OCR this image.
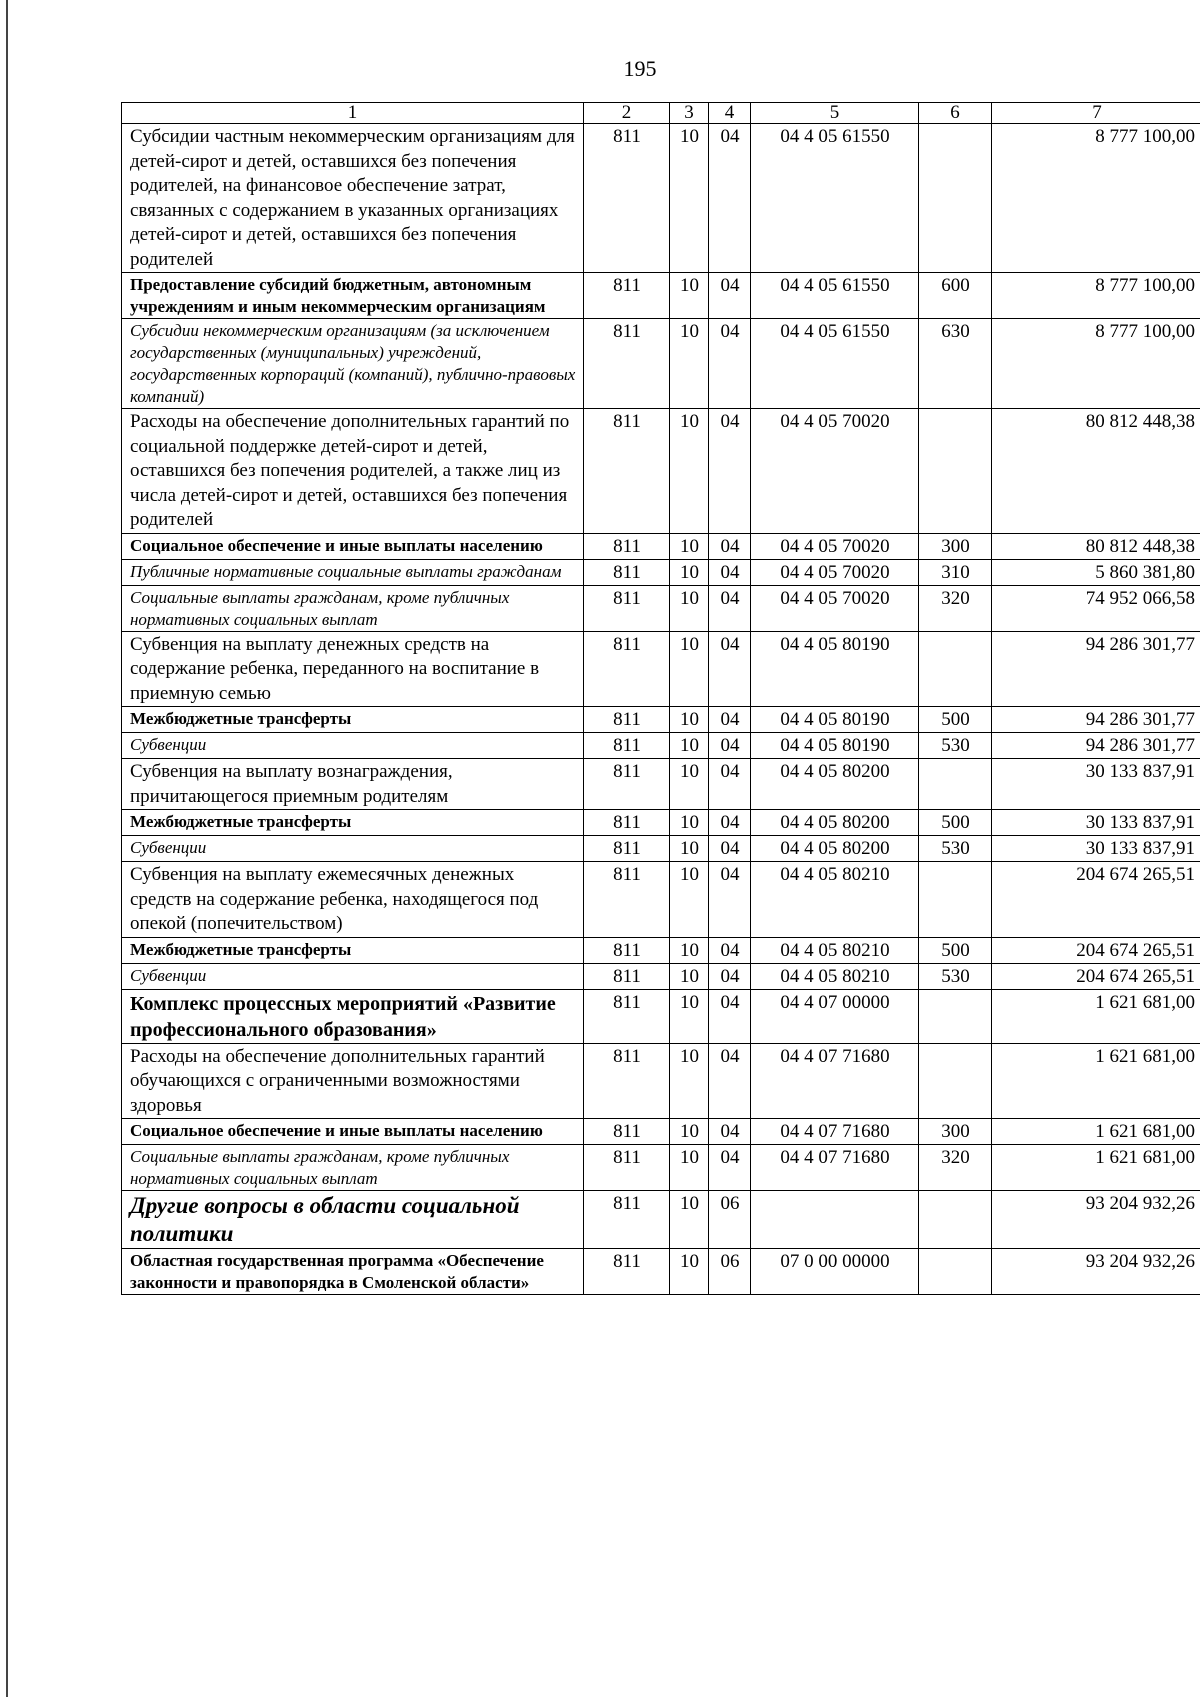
195
1	2	3	4	5	6	7
Субсидии частным некоммерческим организациям для детей-сирот и детей, оставшихся без попечения родителей, на финансовое обеспечение затрат, связанных с содержанием в указанных организациях детей-сирот и детей, оставшихся без попечения родителей	811	10	04	04 4 05 61550		8 777 100,00
Предоставление субсидий бюджетным, автономным учреждениям и иным некоммерческим организациям	811	10	04	04 4 05 61550	600	8 777 100,00
Субсидии некоммерческим организациям (за исключением государственных (муниципальных) учреждений, государственных корпораций (компаний), публично-правовых компаний)	811	10	04	04 4 05 61550	630	8 777 100,00
Расходы на обеспечение дополнительных гарантий по социальной поддержке детей-сирот и детей, оставшихся без попечения родителей, а также лиц из числа детей-сирот и детей, оставшихся без попечения родителей	811	10	04	04 4 05 70020		80 812 448,38
Социальное обеспечение и иные выплаты населению	811	10	04	04 4 05 70020	300	80 812 448,38
Публичные нормативные социальные выплаты гражданам	811	10	04	04 4 05 70020	310	5 860 381,80
Социальные выплаты гражданам, кроме публичных нормативных социальных выплат	811	10	04	04 4 05 70020	320	74 952 066,58
Субвенция на выплату денежных средств на содержание ребенка, переданного на воспитание в приемную семью	811	10	04	04 4 05 80190		94 286 301,77
Межбюджетные трансферты	811	10	04	04 4 05 80190	500	94 286 301,77
Субвенции	811	10	04	04 4 05 80190	530	94 286 301,77
Субвенция на выплату вознаграждения, причитающегося приемным родителям	811	10	04	04 4 05 80200		30 133 837,91
Межбюджетные трансферты	811	10	04	04 4 05 80200	500	30 133 837,91
Субвенции	811	10	04	04 4 05 80200	530	30 133 837,91
Субвенция на выплату ежемесячных денежных средств на содержание ребенка, находящегося под опекой (попечительством)	811	10	04	04 4 05 80210		204 674 265,51
Межбюджетные трансферты	811	10	04	04 4 05 80210	500	204 674 265,51
Субвенции	811	10	04	04 4 05 80210	530	204 674 265,51
Комплекс процессных мероприятий «Развитие профессионального образования»	811	10	04	04 4 07 00000		1 621 681,00
Расходы на обеспечение дополнительных гарантий обучающихся с ограниченными возможностями здоровья	811	10	04	04 4 07 71680		1 621 681,00
Социальное обеспечение и иные выплаты населению	811	10	04	04 4 07 71680	300	1 621 681,00
Социальные выплаты гражданам, кроме публичных нормативных социальных выплат	811	10	04	04 4 07 71680	320	1 621 681,00
Другие вопросы в области социальной политики	811	10	06			93 204 932,26
Областная государственная программа «Обеспечение законности и правопорядка в Смоленской области»	811	10	06	07 0 00 00000		93 204 932,26
